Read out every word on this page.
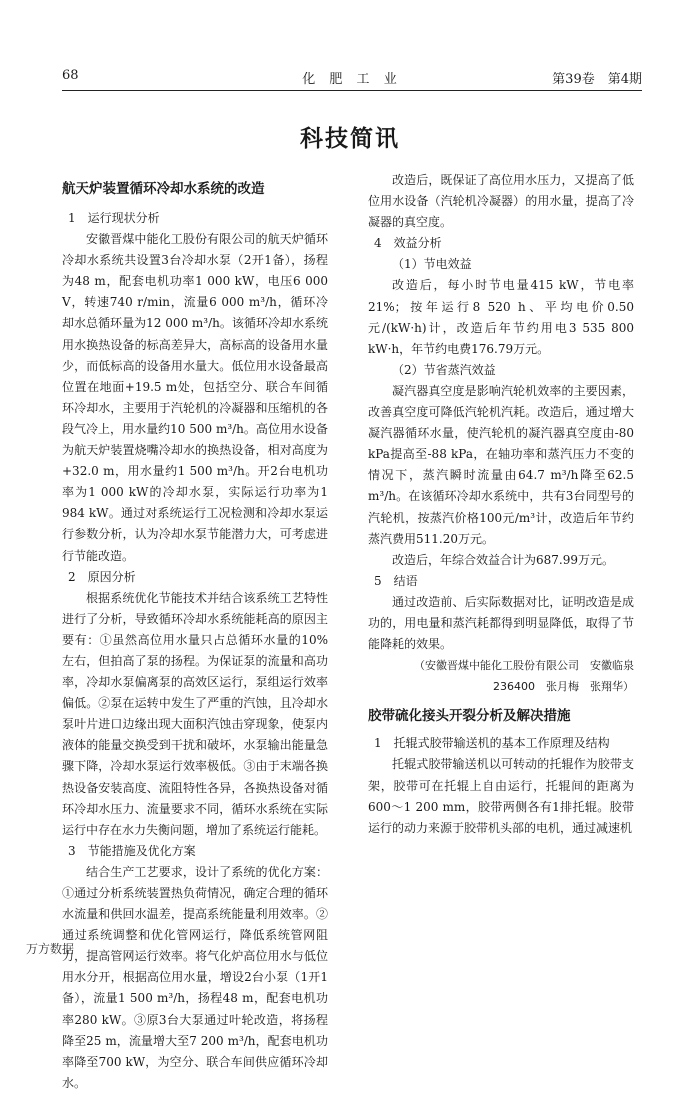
68	化 肥 工 业	第39卷　第4期
科技简讯
航天炉装置循环冷却水系统的改造

1　运行现状分析

安徽晋煤中能化工股份有限公司的航天炉循环冷却水系统共设置3台冷却水泵（2开1备），扬程为48 m，配套电机功率1 000 kW，电压6 000 V，转速740 r/min，流量6 000 m³/h，循环冷却水总循环量为12 000 m³/h。该循环冷却水系统用水换热设备的标高差异大，高标高的设备用水量少，而低标高的设备用水量大。低位用水设备最高位置在地面+19.5 m处，包括空分、联合车间循环冷却水，主要用于汽轮机的冷凝器和压缩机的各段气冷上，用水量约10 500 m³/h。高位用水设备为航天炉装置烧嘴冷却水的换热设备，相对高度为+32.0 m，用水量约1 500 m³/h。开2台电机功率为1 000 kW的冷却水泵，实际运行功率为1 984 kW。通过对系统运行工况检测和冷却水泵运行参数分析，认为冷却水泵节能潜力大，可考虑进行节能改造。

2　原因分析

根据系统优化节能技术并结合该系统工艺特性进行了分析，导致循环冷却水系统能耗高的原因主要有：①虽然高位用水量只占总循环水量的10%左右，但拍高了泵的扬程。为保证泵的流量和高功率，冷却水泵偏离泵的高效区运行，泵组运行效率偏低。②泵在运转中发生了严重的汽蚀，且冷却水泵叶片进口边缘出现大面积汽蚀击穿现象，使泵内液体的能量交换受到干扰和破坏，水泵输出能量急骤下降，冷却水泵运行效率极低。③由于末端各换热设备安装高度、流阻特性各异，各换热设备对循环冷却水压力、流量要求不同，循环水系统在实际运行中存在水力失衡问题，增加了系统运行能耗。

3　节能措施及优化方案

结合生产工艺要求，设计了系统的优化方案：①通过分析系统装置热负荷情况，确定合理的循环水流量和供回水温差，提高系统能量利用效率。②通过系统调整和优化管网运行，降低系统管网阻力，提高管网运行效率。将气化炉高位用水与低位用水分开，根据高位用水量，增设2台小泵（1开1备），流量1 500 m³/h，扬程48 m，配套电机功率280 kW。③原3台大泵通过叶轮改造，将扬程降至25 m，流量增大至7 200 m³/h，配套电机功率降至700 kW，为空分、联合车间供应循环冷却水。

改造后，既保证了高位用水压力，又提高了低位用水设备（汽轮机冷凝器）的用水量，提高了冷凝器的真空度。

4　效益分析

（1）节电效益

改造后，每小时节电量415 kW，节电率21%；按年运行8 520 h、平均电价0.50元/(kW·h)计，改造后年节约用电3 535 800 kW·h，年节约电费176.79万元。

（2）节省蒸汽效益

凝汽器真空度是影响汽轮机效率的主要因素，改善真空度可降低汽轮机汽耗。改造后，通过增大凝汽器循环水量，使汽轮机的凝汽器真空度由-80 kPa提高至-88 kPa，在轴功率和蒸汽压力不变的情况下，蒸汽瞬时流量由64.7 m³/h降至62.5 m³/h。在该循环冷却水系统中，共有3台同型号的汽轮机，按蒸汽价格100元/m³计，改造后年节约蒸汽费用511.20万元。

改造后，年综合效益合计为687.99万元。

5　结语

通过改造前、后实际数据对比，证明改造是成功的，用电量和蒸汽耗都得到明显降低，取得了节能降耗的效果。

（安徽晋煤中能化工股份有限公司　安徽临泉

236400　张月梅　张翔华）

胶带硫化接头开裂分析及解决措施

1　托辊式胶带输送机的基本工作原理及结构

托辊式胶带输送机以可转动的托辊作为胶带支架，胶带可在托辊上自由运行，托辊间的距离为600～1 200 mm，胶带两侧各有1排托辊。胶带运行的动力来源于胶带机头部的电机，通过减速机

万方数据
